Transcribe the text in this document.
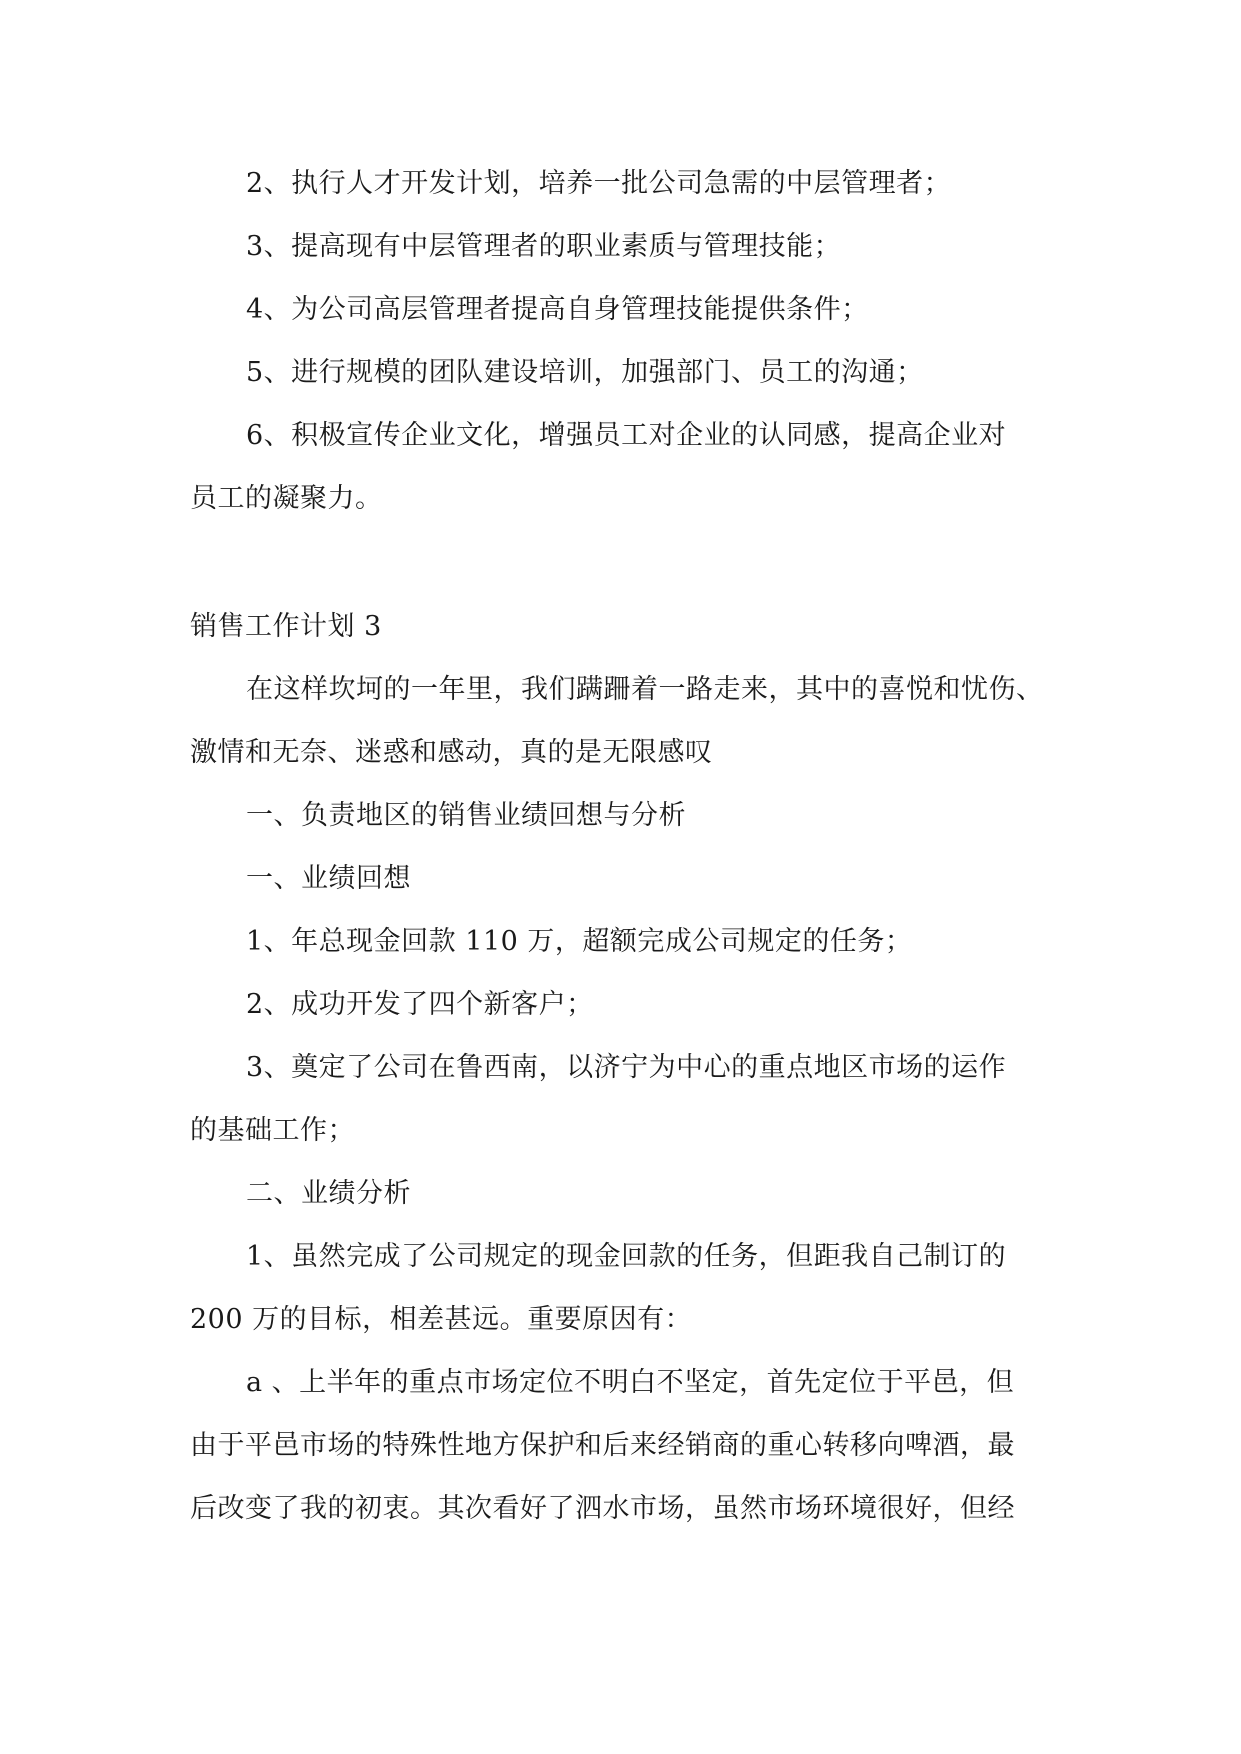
2、执行人才开发计划，培养一批公司急需的中层管理者；
3、提高现有中层管理者的职业素质与管理技能；
4、为公司高层管理者提高自身管理技能提供条件；
5、进行规模的团队建设培训，加强部门、员工的沟通；
6、积极宣传企业文化，增强员工对企业的认同感，提高企业对
员工的凝聚力。
销售工作计划 3
在这样坎坷的一年里，我们蹒跚着一路走来，其中的喜悦和忧伤、
激情和无奈、迷惑和感动，真的是无限感叹
一、负责地区的销售业绩回想与分析
一、业绩回想
1、年总现金回款 110 万，超额完成公司规定的任务；
2、成功开发了四个新客户；
3、奠定了公司在鲁西南，以济宁为中心的重点地区市场的运作
的基础工作；
二、业绩分析
1、虽然完成了公司规定的现金回款的任务，但距我自己制订的
200 万的目标，相差甚远。重要原因有：
a 、上半年的重点市场定位不明白不坚定，首先定位于平邑，但
由于平邑市场的特殊性地方保护和后来经销商的重心转移向啤酒，最
后改变了我的初衷。其次看好了泗水市场，虽然市场环境很好，但经
